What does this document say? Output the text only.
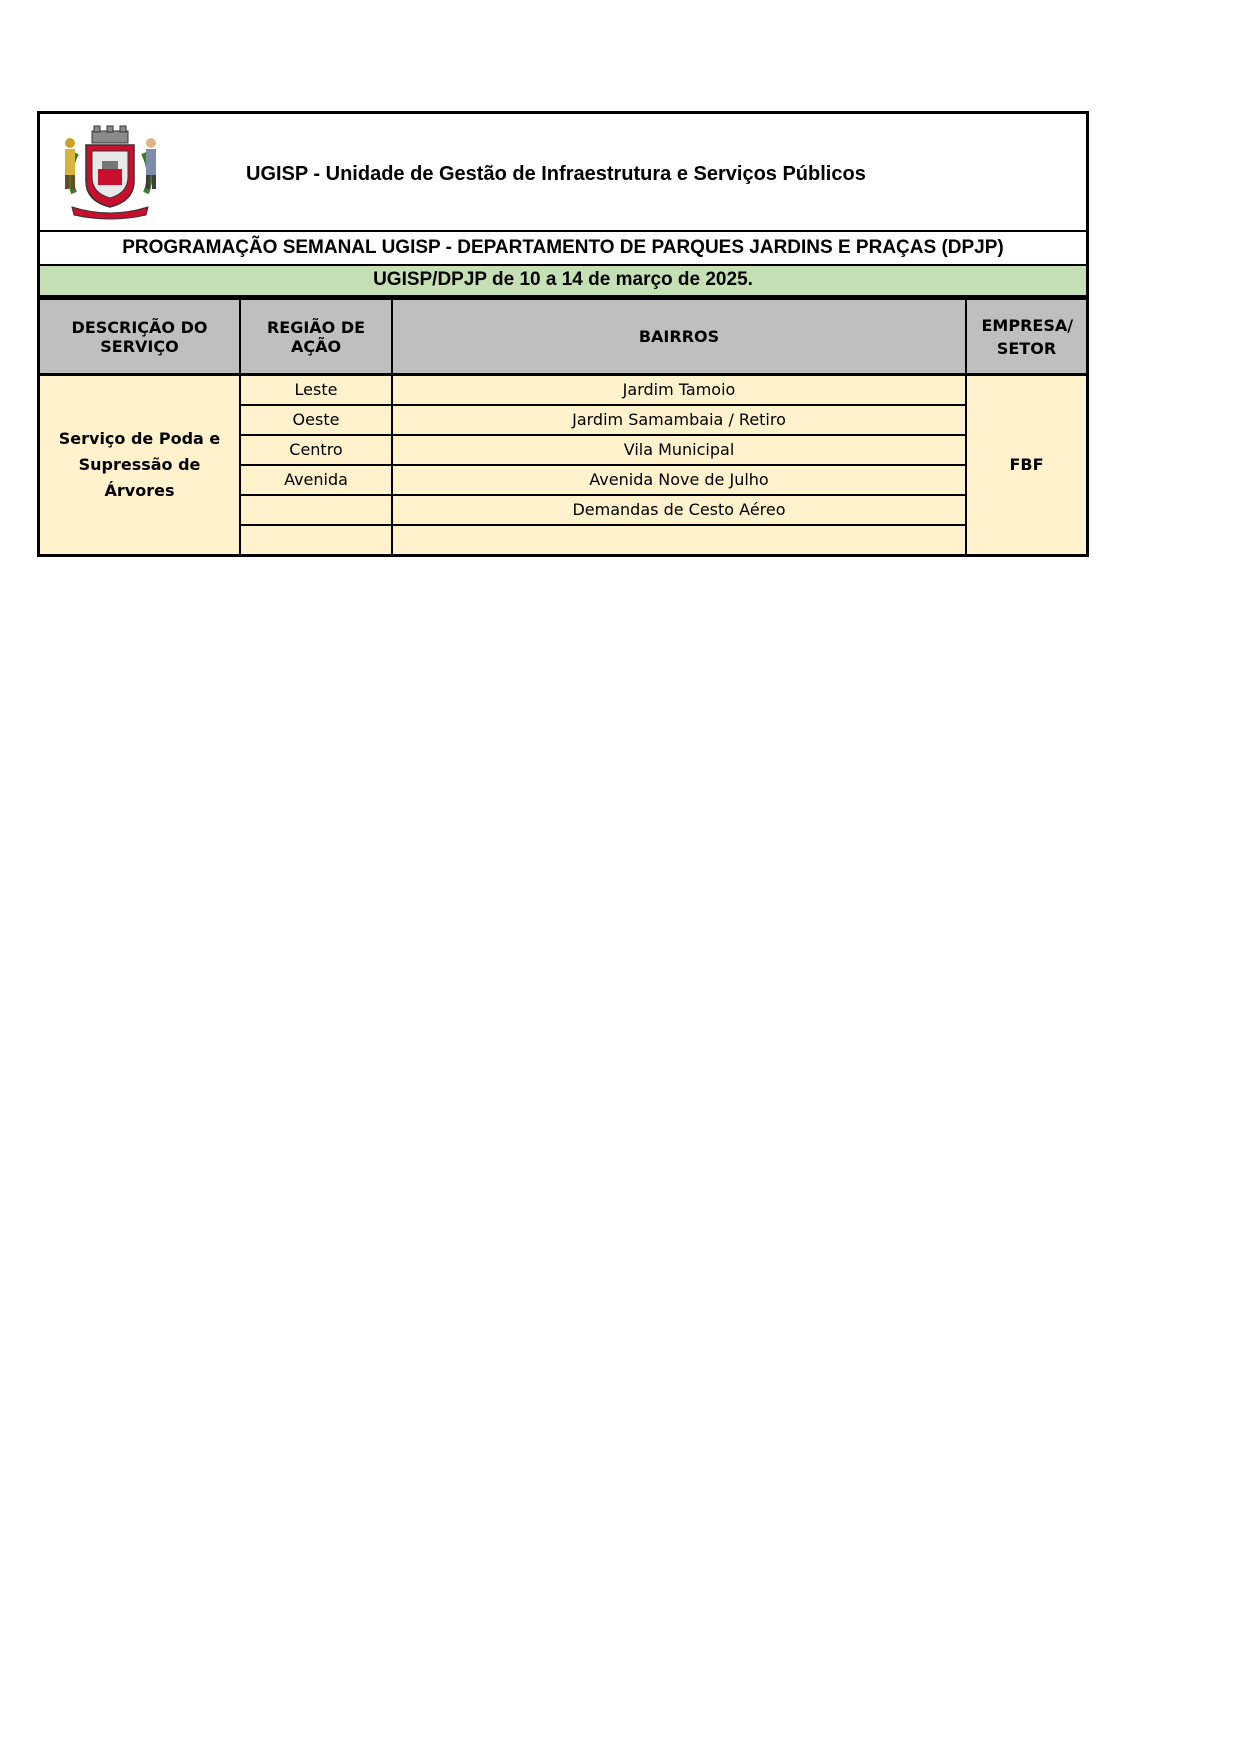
UGISP - Unidade de Gestão de Infraestrutura e Serviços Públicos
PROGRAMAÇÃO SEMANAL UGISP - DEPARTAMENTO DE PARQUES JARDINS E PRAÇAS (DPJP)
UGISP/DPJP de 10 a 14 de março de 2025.
DESCRIÇÃO DO SERVIÇO	REGIÃO DE AÇÃO	BAIRROS	EMPRESA/ SETOR
Serviço de Poda e Supressão de Árvores	Leste	Jardim Tamoio	FBF
	Oeste	Jardim Samambaia / Retiro	
	Centro	Vila Municipal	
	Avenida	Avenida Nove de Julho	
		Demandas de Cesto Aéreo	
